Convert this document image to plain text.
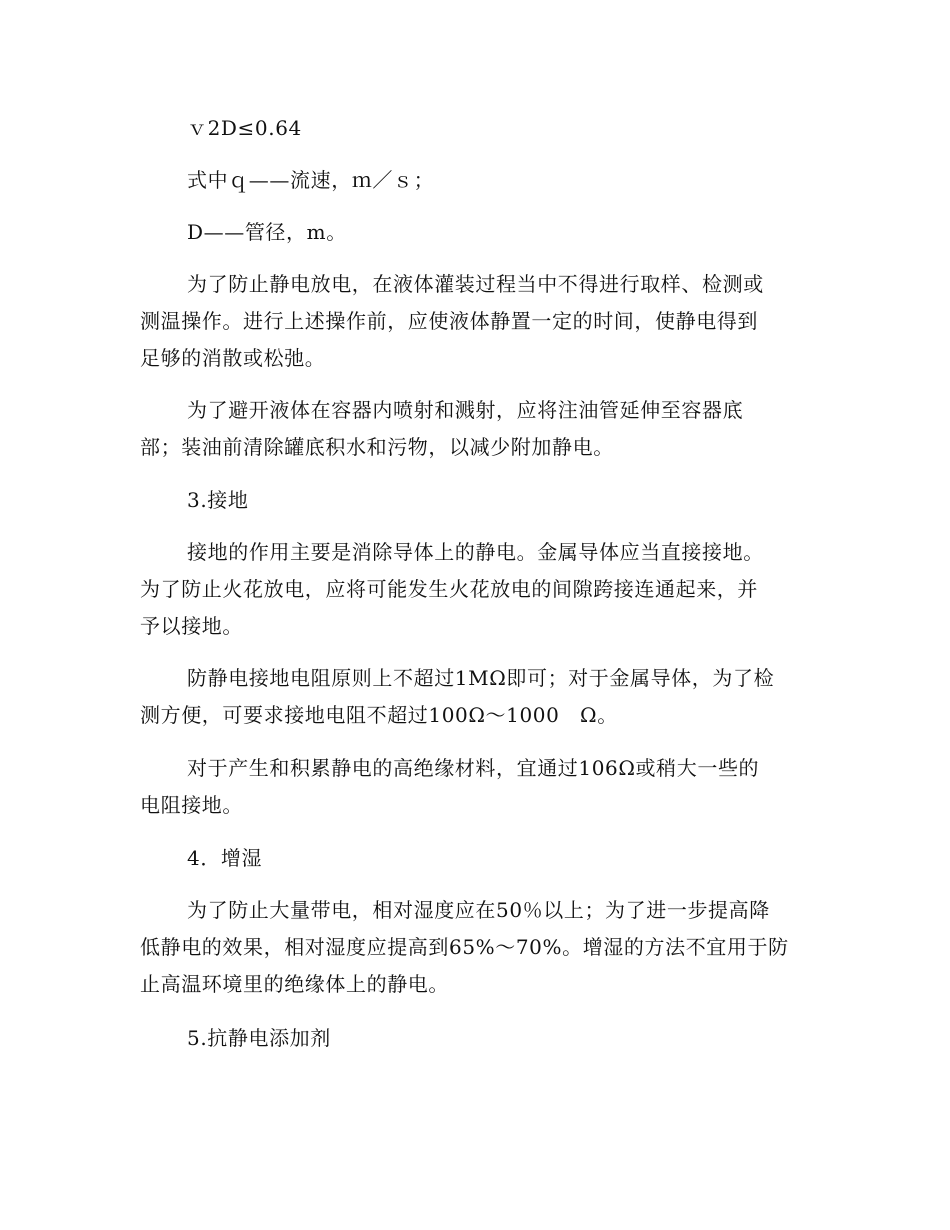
ｖ2D≤0.64
式中ｑ——流速，ｍ／ｓ；
D——管径，m。
为了防止静电放电，在液体灌装过程当中不得进行取样、检测或
测温操作。进行上述操作前，应使液体静置一定的时间，使静电得到
足够的消散或松弛。
为了避开液体在容器内喷射和溅射，应将注油管延伸至容器底
部；装油前清除罐底积水和污物，以减少附加静电。
3.接地
接地的作用主要是消除导体上的静电。金属导体应当直接接地。
为了防止火花放电，应将可能发生火花放电的间隙跨接连通起来，并
予以接地。
防静电接地电阻原则上不超过1MΩ即可；对于金属导体，为了检
测方便，可要求接地电阻不超过100Ω～1000　Ω。
对于产生和积累静电的高绝缘材料，宜通过106Ω或稍大一些的
电阻接地。
4．增湿
为了防止大量带电，相对湿度应在50％以上；为了进一步提高降
低静电的效果，相对湿度应提高到65%～70%。增湿的方法不宜用于防
止高温环境里的绝缘体上的静电。
5.抗静电添加剂
